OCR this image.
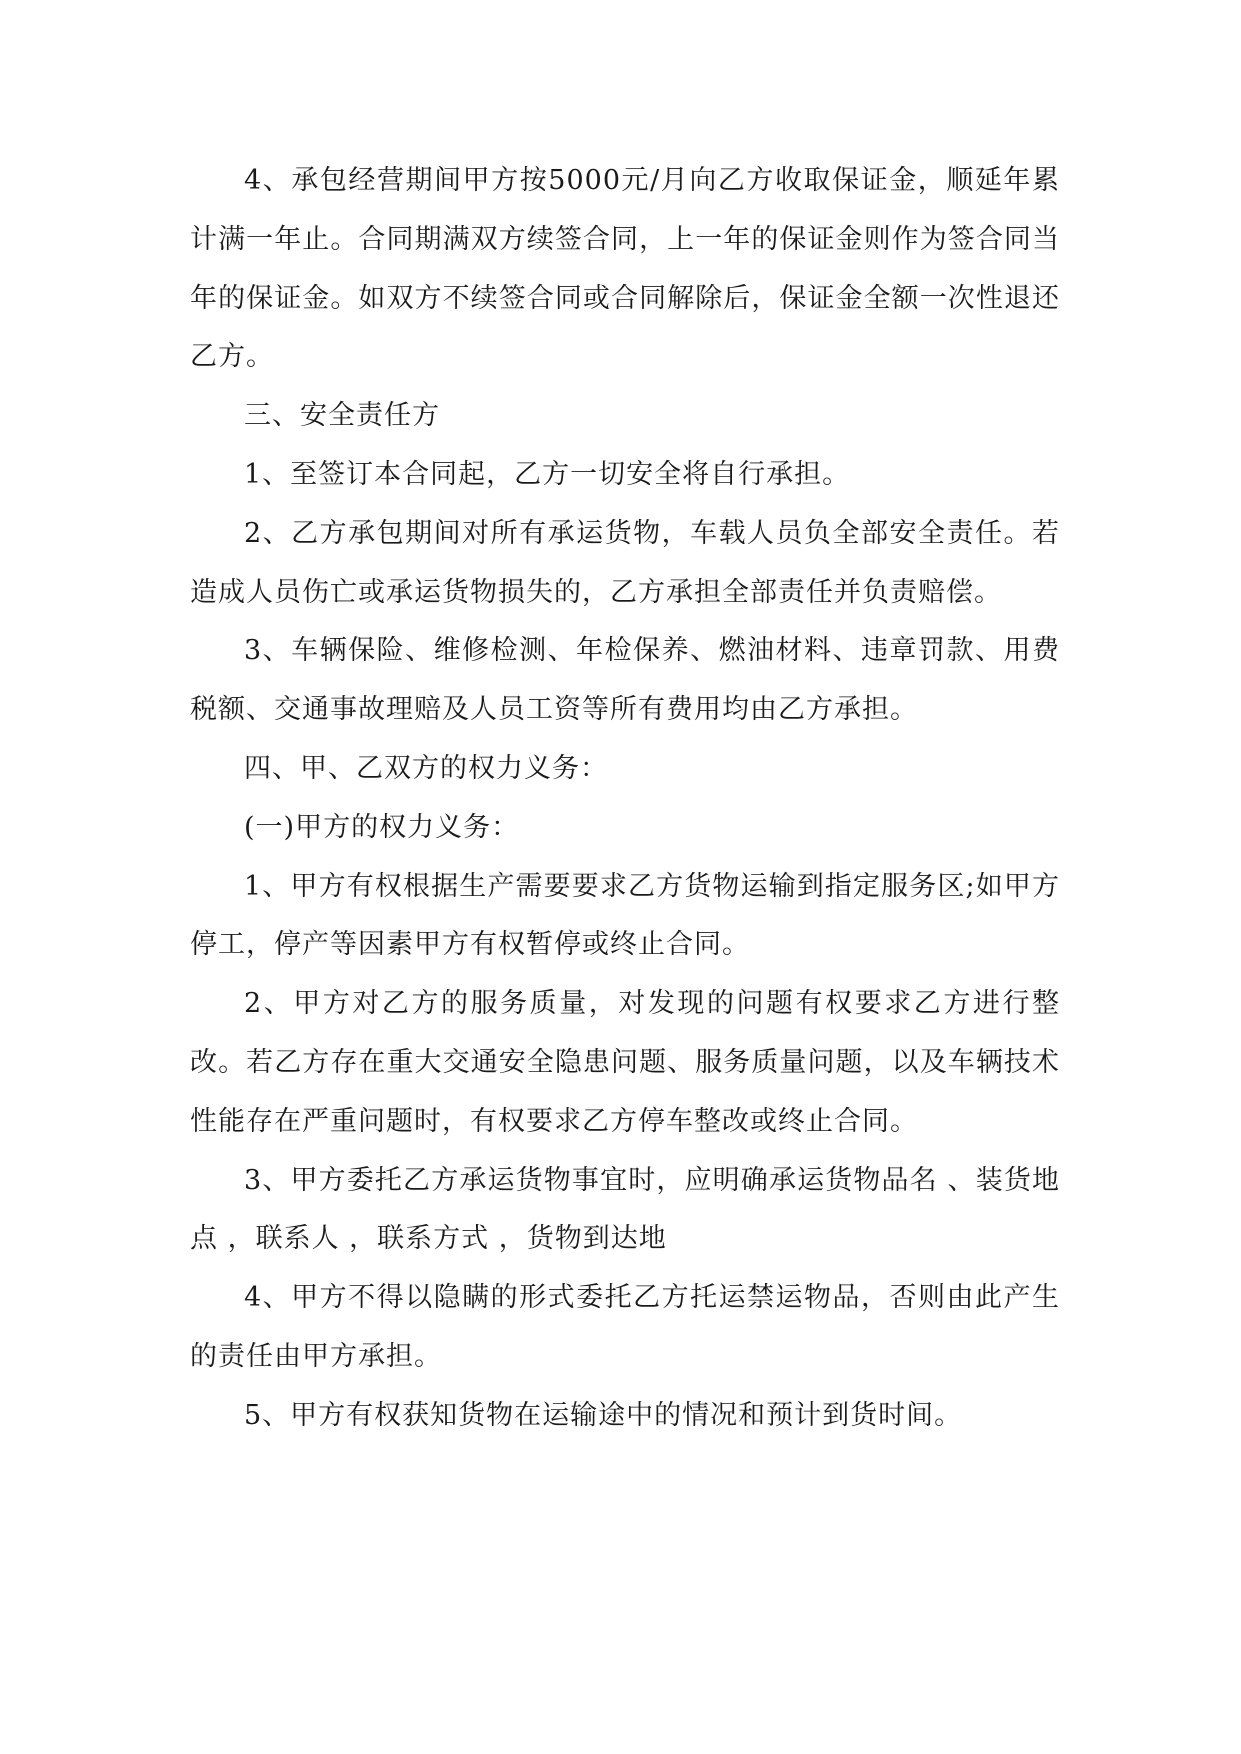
4、承包经营期间甲方按5000元/月向乙方收取保证金，顺延年累计满一年止。合同期满双方续签合同，上一年的保证金则作为签合同当年的保证金。如双方不续签合同或合同解除后，保证金全额一次性退还乙方。

三、安全责任方

1、至签订本合同起，乙方一切安全将自行承担。

2、乙方承包期间对所有承运货物，车载人员负全部安全责任。若造成人员伤亡或承运货物损失的，乙方承担全部责任并负责赔偿。

3、车辆保险、维修检测、年检保养、燃油材料、违章罚款、用费税额、交通事故理赔及人员工资等所有费用均由乙方承担。

四、甲、乙双方的权力义务：

(一)甲方的权力义务：

1、甲方有权根据生产需要要求乙方货物运输到指定服务区;如甲方停工，停产等因素甲方有权暂停或终止合同。

2、甲方对乙方的服务质量，对发现的问题有权要求乙方进行整改。若乙方存在重大交通安全隐患问题、服务质量问题，以及车辆技术性能存在严重问题时，有权要求乙方停车整改或终止合同。

3、甲方委托乙方承运货物事宜时，应明确承运货物品名 、装货地点 ，联系人 ，联系方式 ，货物到达地

4、甲方不得以隐瞒的形式委托乙方托运禁运物品，否则由此产生的责任由甲方承担。

5、甲方有权获知货物在运输途中的情况和预计到货时间。
